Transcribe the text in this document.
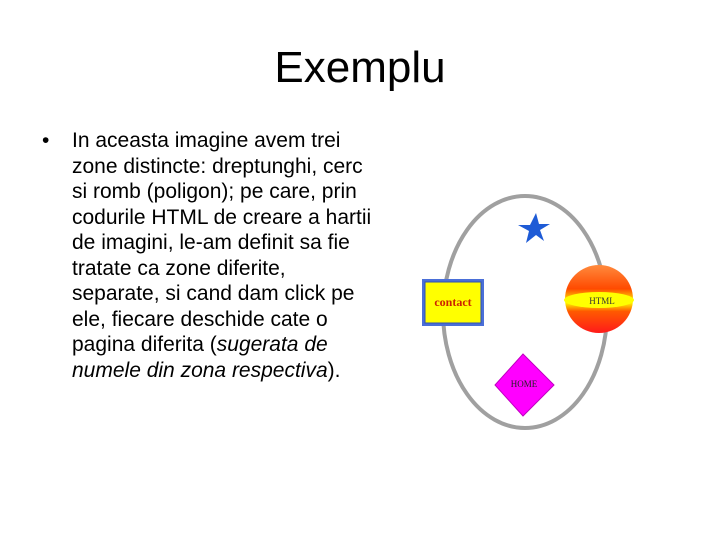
Exemplu
• In aceasta imagine avem trei zone distincte: dreptunghi, cerc si romb (poligon); pe care, prin codurile HTML de creare a hartii de imagini, le-am definit sa fie tratate ca zone diferite, separate, si cand dam click pe ele, fiecare deschide cate o pagina diferita (sugerata de numele din zona respectiva).
contact	HTML
HOME
